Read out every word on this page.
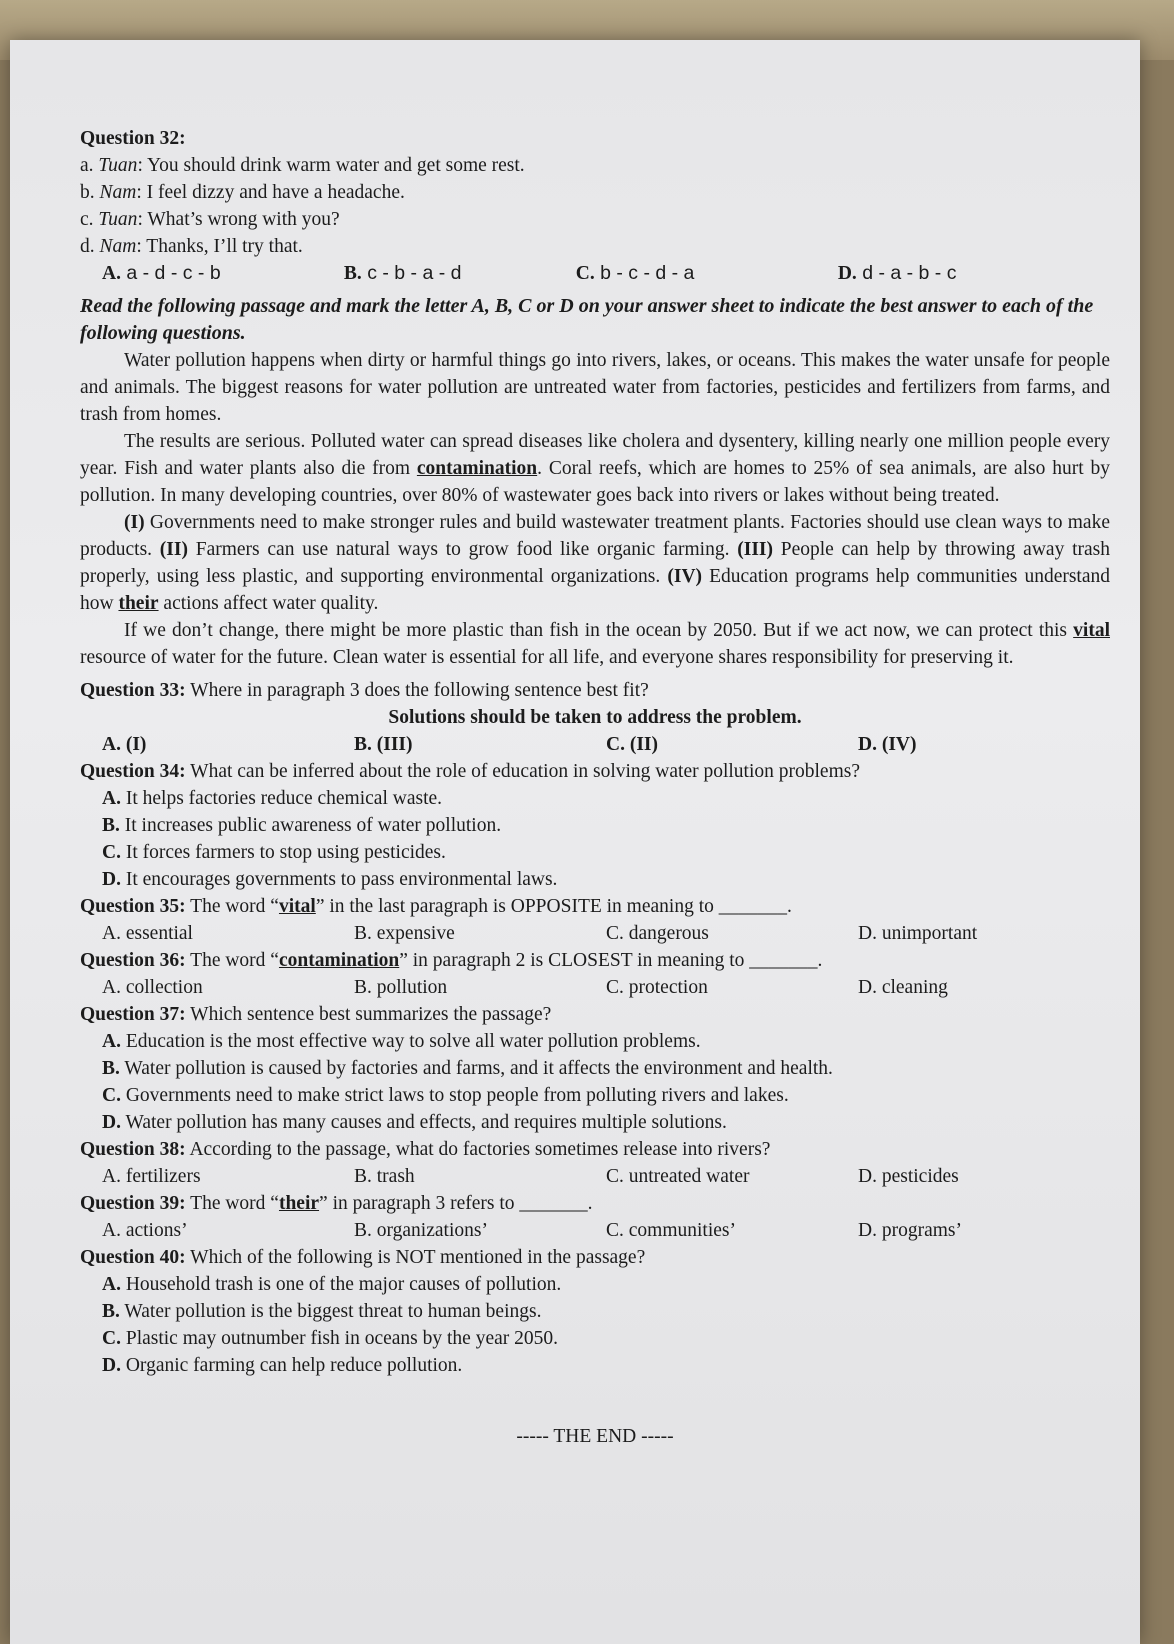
Question 32:
a. Tuan: You should drink warm water and get some rest.
b. Nam: I feel dizzy and have a headache.
c. Tuan: What’s wrong with you?
d. Nam: Thanks, I’ll try that.
A. a - d - c - b	B. c - b - a - d	C. b - c - d - a	D. d - a - b - c
Read the following passage and mark the letter A, B, C or D on your answer sheet to indicate the best answer to each of the following questions.

Water pollution happens when dirty or harmful things go into rivers, lakes, or oceans. This makes the water unsafe for people and animals. The biggest reasons for water pollution are untreated water from factories, pesticides and fertilizers from farms, and trash from homes.

The results are serious. Polluted water can spread diseases like cholera and dysentery, killing nearly one million people every year. Fish and water plants also die from contamination. Coral reefs, which are homes to 25% of sea animals, are also hurt by pollution. In many developing countries, over 80% of wastewater goes back into rivers or lakes without being treated.

(I) Governments need to make stronger rules and build wastewater treatment plants. Factories should use clean ways to make products. (II) Farmers can use natural ways to grow food like organic farming. (III) People can help by throwing away trash properly, using less plastic, and supporting environmental organizations. (IV) Education programs help communities understand how their actions affect water quality.

If we don’t change, there might be more plastic than fish in the ocean by 2050. But if we act now, we can protect this vital resource of water for the future. Clean water is essential for all life, and everyone shares responsibility for preserving it.

Question 33: Where in paragraph 3 does the following sentence best fit?
Solutions should be taken to address the problem.
A. (I)	B. (III)	C. (II)	D. (IV)
Question 34: What can be inferred about the role of education in solving water pollution problems?
A. It helps factories reduce chemical waste.
B. It increases public awareness of water pollution.
C. It forces farmers to stop using pesticides.
D. It encourages governments to pass environmental laws.
Question 35: The word “vital” in the last paragraph is OPPOSITE in meaning to _______.
A. essential	B. expensive	C. dangerous	D. unimportant
Question 36: The word “contamination” in paragraph 2 is CLOSEST in meaning to _______.
A. collection	B. pollution	C. protection	D. cleaning
Question 37: Which sentence best summarizes the passage?
A. Education is the most effective way to solve all water pollution problems.
B. Water pollution is caused by factories and farms, and it affects the environment and health.
C. Governments need to make strict laws to stop people from polluting rivers and lakes.
D. Water pollution has many causes and effects, and requires multiple solutions.
Question 38: According to the passage, what do factories sometimes release into rivers?
A. fertilizers	B. trash	C. untreated water	D. pesticides
Question 39: The word “their” in paragraph 3 refers to _______.
A. actions’	B. organizations’	C. communities’	D. programs’
Question 40: Which of the following is NOT mentioned in the passage?
A. Household trash is one of the major causes of pollution.
B. Water pollution is the biggest threat to human beings.
C. Plastic may outnumber fish in oceans by the year 2050.
D. Organic farming can help reduce pollution.
----- THE END -----
